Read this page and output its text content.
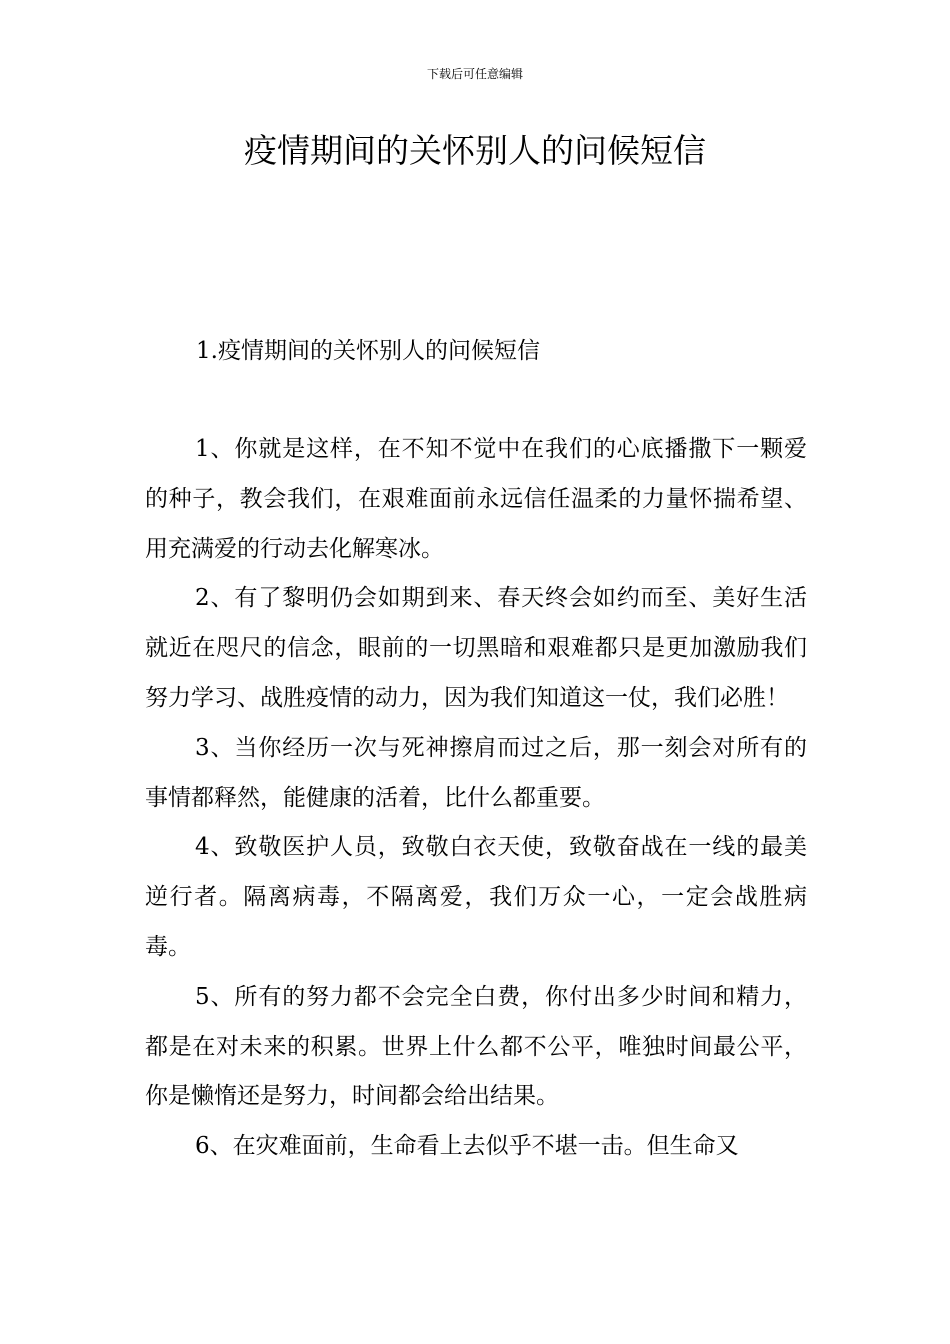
下载后可任意编辑
疫情期间的关怀别人的问候短信
1.疫情期间的关怀别人的问候短信

1、你就是这样，在不知不觉中在我们的心底播撒下一颗爱的种子，教会我们，在艰难面前永远信任温柔的力量怀揣希望、用充满爱的行动去化解寒冰。

2、有了黎明仍会如期到来、春天终会如约而至、美好生活就近在咫尺的信念，眼前的一切黑暗和艰难都只是更加激励我们努力学习、战胜疫情的动力，因为我们知道这一仗，我们必胜！

3、当你经历一次与死神擦肩而过之后，那一刻会对所有的事情都释然，能健康的活着，比什么都重要。

4、致敬医护人员，致敬白衣天使，致敬奋战在一线的最美逆行者。隔离病毒，不隔离爱，我们万众一心，一定会战胜病毒。

5、所有的努力都不会完全白费，你付出多少时间和精力，都是在对未来的积累。世界上什么都不公平，唯独时间最公平，你是懒惰还是努力，时间都会给出结果。

6、在灾难面前，生命看上去似乎不堪一击。但生命又
